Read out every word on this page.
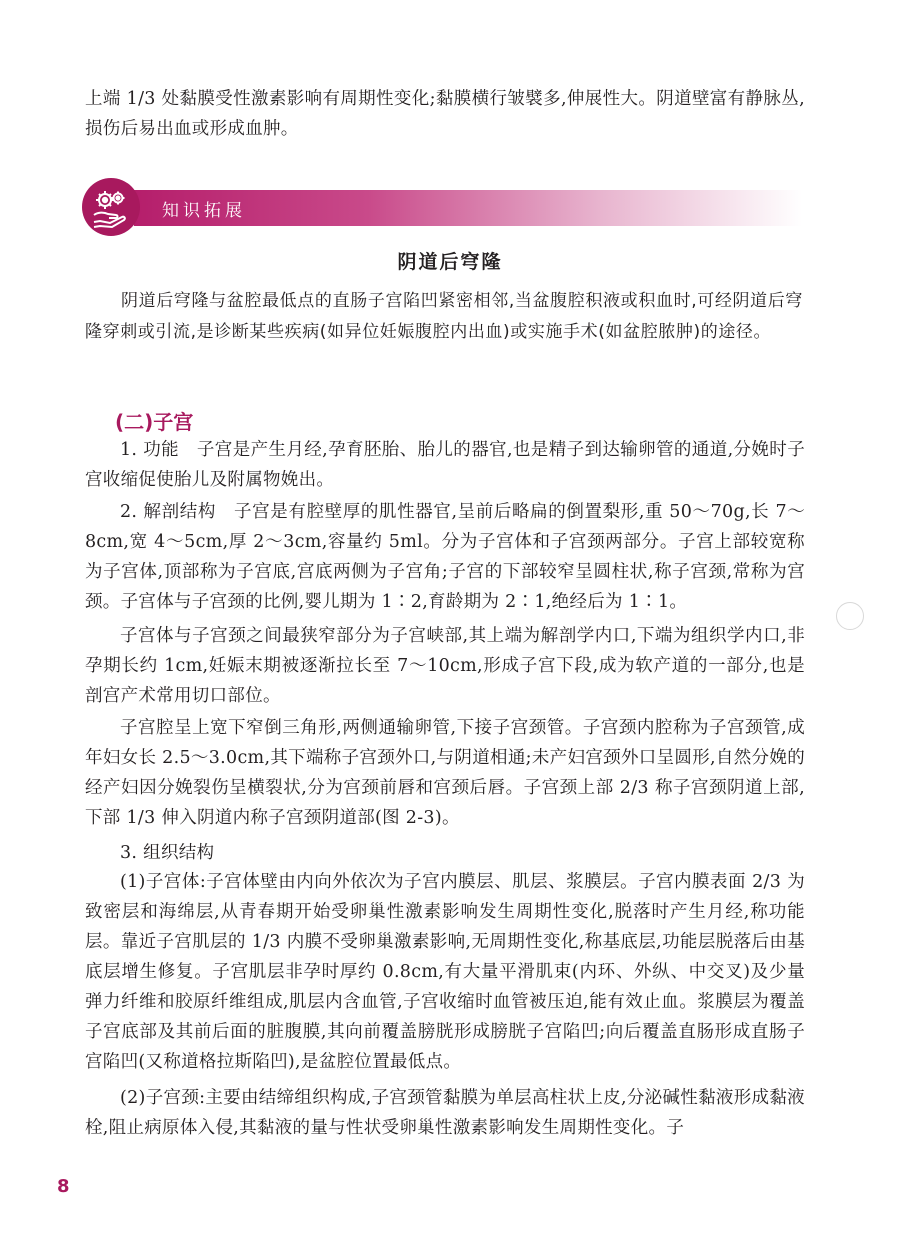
上端 1/3 处黏膜受性激素影响有周期性变化;黏膜横行皱襞多,伸展性大。阴道壁富有静脉丛,损伤后易出血或形成血肿。

知识拓展
阴道后穹隆

阴道后穹隆与盆腔最低点的直肠子宫陷凹紧密相邻,当盆腹腔积液或积血时,可经阴道后穹隆穿刺或引流,是诊断某些疾病(如异位妊娠腹腔内出血)或实施手术(如盆腔脓肿)的途径。

(二)子宫

1. 功能　子宫是产生月经,孕育胚胎、胎儿的器官,也是精子到达输卵管的通道,分娩时子宫收缩促使胎儿及附属物娩出。

2. 解剖结构　子宫是有腔壁厚的肌性器官,呈前后略扁的倒置梨形,重 50～70g,长 7～8cm,宽 4～5cm,厚 2～3cm,容量约 5ml。分为子宫体和子宫颈两部分。子宫上部较宽称为子宫体,顶部称为子宫底,宫底两侧为子宫角;子宫的下部较窄呈圆柱状,称子宫颈,常称为宫颈。子宫体与子宫颈的比例,婴儿期为 1∶2,育龄期为 2∶1,绝经后为 1∶1。

子宫体与子宫颈之间最狭窄部分为子宫峡部,其上端为解剖学内口,下端为组织学内口,非孕期长约 1cm,妊娠末期被逐渐拉长至 7～10cm,形成子宫下段,成为软产道的一部分,也是剖宫产术常用切口部位。

子宫腔呈上宽下窄倒三角形,两侧通输卵管,下接子宫颈管。子宫颈内腔称为子宫颈管,成年妇女长 2.5～3.0cm,其下端称子宫颈外口,与阴道相通;未产妇宫颈外口呈圆形,自然分娩的经产妇因分娩裂伤呈横裂状,分为宫颈前唇和宫颈后唇。子宫颈上部 2/3 称子宫颈阴道上部,下部 1/3 伸入阴道内称子宫颈阴道部(图 2-3)。

3. 组织结构

(1)子宫体:子宫体壁由内向外依次为子宫内膜层、肌层、浆膜层。子宫内膜表面 2/3 为致密层和海绵层,从青春期开始受卵巢性激素影响发生周期性变化,脱落时产生月经,称功能层。靠近子宫肌层的 1/3 内膜不受卵巢激素影响,无周期性变化,称基底层,功能层脱落后由基底层增生修复。子宫肌层非孕时厚约 0.8cm,有大量平滑肌束(内环、外纵、中交叉)及少量弹力纤维和胶原纤维组成,肌层内含血管,子宫收缩时血管被压迫,能有效止血。浆膜层为覆盖子宫底部及其前后面的脏腹膜,其向前覆盖膀胱形成膀胱子宫陷凹;向后覆盖直肠形成直肠子宫陷凹(又称道格拉斯陷凹),是盆腔位置最低点。

(2)子宫颈:主要由结缔组织构成,子宫颈管黏膜为单层高柱状上皮,分泌碱性黏液形成黏液栓,阻止病原体入侵,其黏液的量与性状受卵巢性激素影响发生周期性变化。子

8
